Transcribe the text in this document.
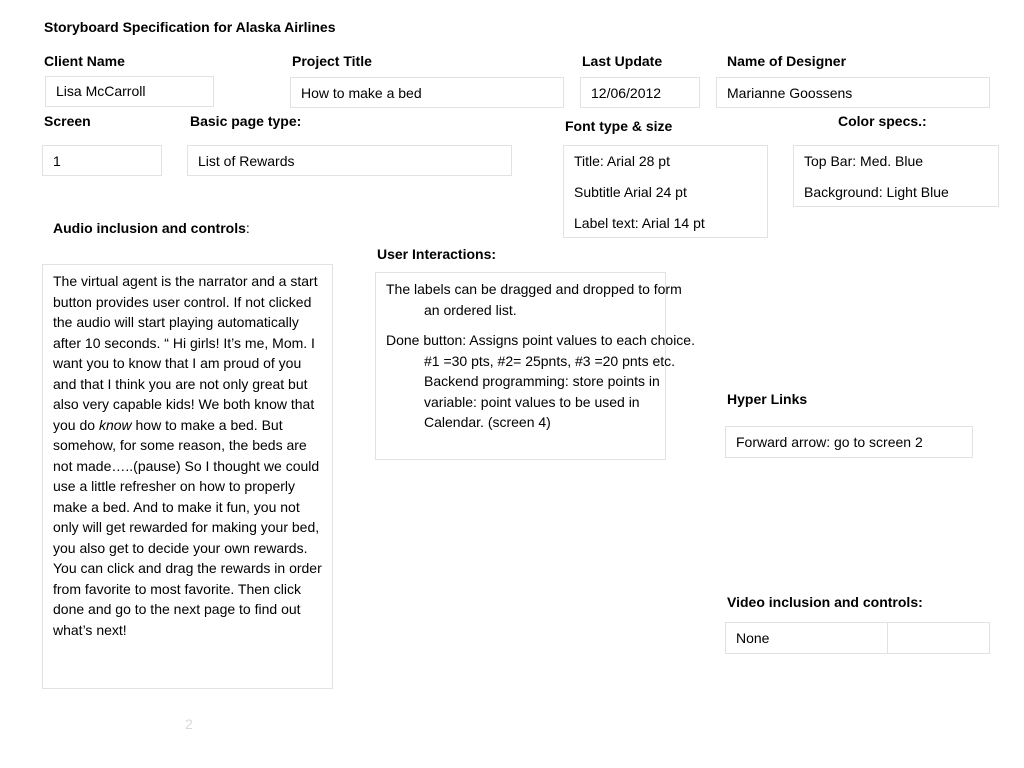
Storyboard Specification for Alaska Airlines
Client Name
Lisa McCarroll
Project Title
How to make a bed
Last Update
12/06/2012
Name of Designer
Marianne Goossens
Screen
1
Basic page type:
List of Rewards
Font type & size
Title: Arial 28 pt
Subtitle Arial 24 pt
Label text: Arial 14 pt
Color specs.:
Top Bar: Med. Blue
Background: Light Blue
Audio inclusion and controls:
The virtual agent is the narrator and a start button provides user control. If not clicked the audio will start playing automatically after 10 seconds. “ Hi girls! It’s me, Mom. I want you to know that I am proud of you and that I think you are not only great but also very capable kids! We both know that you do know how to make a bed. But somehow, for some reason, the beds are not made…..(pause) So I thought we could use a little refresher on how to properly make a bed. And to make it fun, you not only will get rewarded for making your bed, you also get to decide your own rewards. You can click and drag the rewards in order from favorite to most favorite. Then click done and go to the next page to find out what’s next!
User Interactions:
The labels can be dragged and dropped to form an ordered list.
Done button: Assigns point values to each choice. #1 =30 pts, #2= 25pnts, #3 =20 pnts etc. Backend programming: store points in variable: point values to be used in Calendar. (screen 4)
Hyper Links
Forward arrow: go to screen 2
Video inclusion and controls:
None
2
